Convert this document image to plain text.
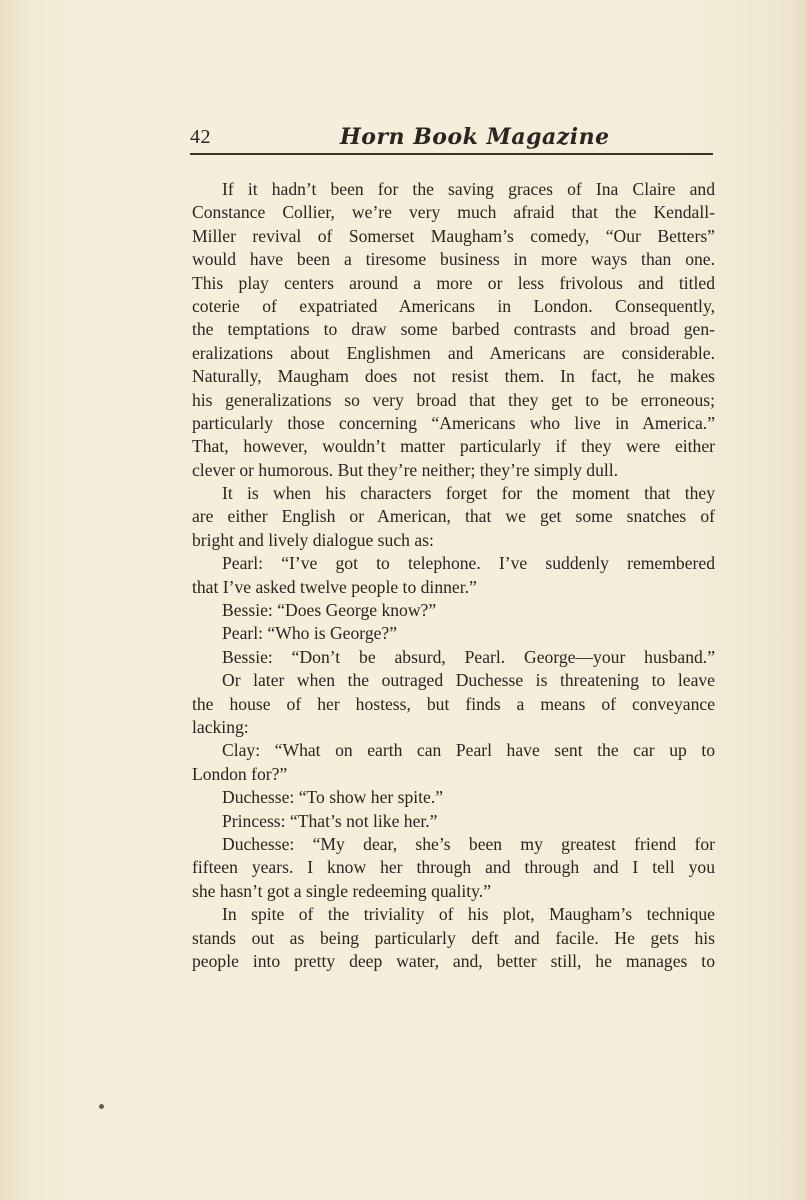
42	Horn Book Magazine
If it hadn’t been for the saving graces of Ina Claire and
Constance Collier, we’re very much afraid that the Kendall-
Miller revival of Somerset Maugham’s comedy, “Our Betters”
would have been a tiresome business in more ways than one.
This play centers around a more or less frivolous and titled
coterie of expatriated Americans in London. Consequently,
the temptations to draw some barbed contrasts and broad gen-
eralizations about Englishmen and Americans are considerable.
Naturally, Maugham does not resist them. In fact, he makes
his generalizations so very broad that they get to be erroneous;
particularly those concerning “Americans who live in America.”
That, however, wouldn’t matter particularly if they were either
clever or humorous. But they’re neither; they’re simply dull.
It is when his characters forget for the moment that they
are either English or American, that we get some snatches of
bright and lively dialogue such as:
Pearl: “I’ve got to telephone. I’ve suddenly remembered
that I’ve asked twelve people to dinner.”
Bessie: “Does George know?”
Pearl: “Who is George?”
Bessie: “Don’t be absurd, Pearl. George—your husband.”
Or later when the outraged Duchesse is threatening to leave
the house of her hostess, but finds a means of conveyance
lacking:
Clay: “What on earth can Pearl have sent the car up to
London for?”
Duchesse: “To show her spite.”
Princess: “That’s not like her.”
Duchesse: “My dear, she’s been my greatest friend for
fifteen years. I know her through and through and I tell you
she hasn’t got a single redeeming quality.”
In spite of the triviality of his plot, Maugham’s technique
stands out as being particularly deft and facile. He gets his
people into pretty deep water, and, better still, he manages to
